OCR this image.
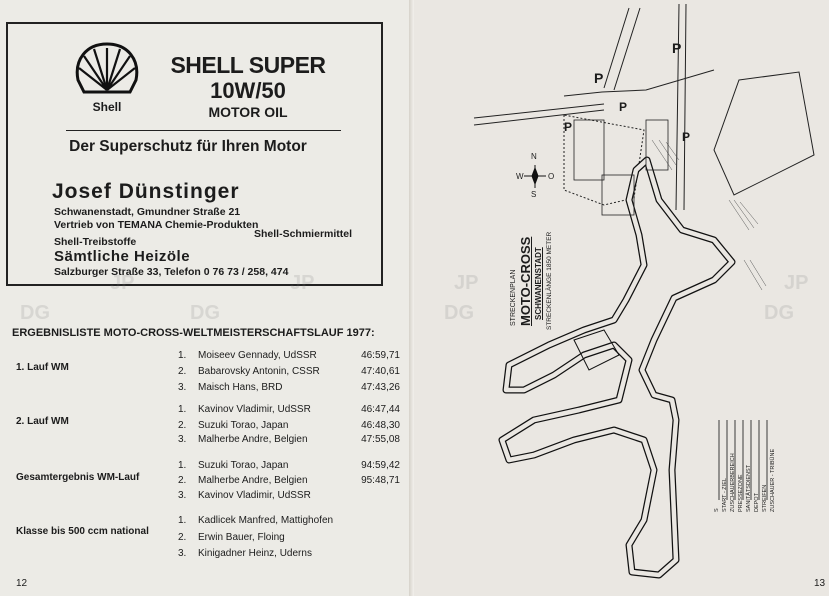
Shell
SHELL SUPER
10W/50
MOTOR OIL
Der Superschutz für Ihren Motor
Josef Dünstinger
Schwanenstadt, Gmundner Straße 21
Vertrieb von TEMANA Chemie-Produkten
Shell-Treibstoffe
Shell-Schmiermittel
Sämtliche Heizöle
Salzburger Straße 33, Telefon 0 76 73 / 258, 474
DG	DG
JP	JP
ERGEBNISLISTE MOTO-CROSS-WELTMEISTERSCHAFTSLAUF 1977:
1. Lauf WM
1. Moiseev Gennady, UdSSR	46:59,71
2. Babarovsky Antonin, CSSR	47:40,61
3. Maisch Hans, BRD	47:43,26
2. Lauf WM
1. Kavinov Vladimir, UdSSR	46:47,44
2. Suzuki Torao, Japan	46:48,30
3. Malherbe Andre, Belgien	47:55,08
Gesamtergebnis WM-Lauf
1. Suzuki Torao, Japan	94:59,42
2. Malherbe Andre, Belgien	95:48,71
3. Kavinov Vladimir, UdSSR
Klasse bis 500 ccm national
1. Kadlicek Manfred, Mattighofen
2. Erwin Bauer, Floing
3. Kinigadner Heinz, Uderns
12
P
P
P
P
P
N
S
O
W
STRECKENPLAN MOTO-CROSS SCHWANENSTADT STRECKENLÄNGE 1850 METER
S START - ZIEL ZUSCHAUERBEREICH PRESSEZONE SANITÄTSDIENST DEPOT STREIFEN ZUSCHAUER - TRIBÜNE
DG	DG
JP	JP
13
